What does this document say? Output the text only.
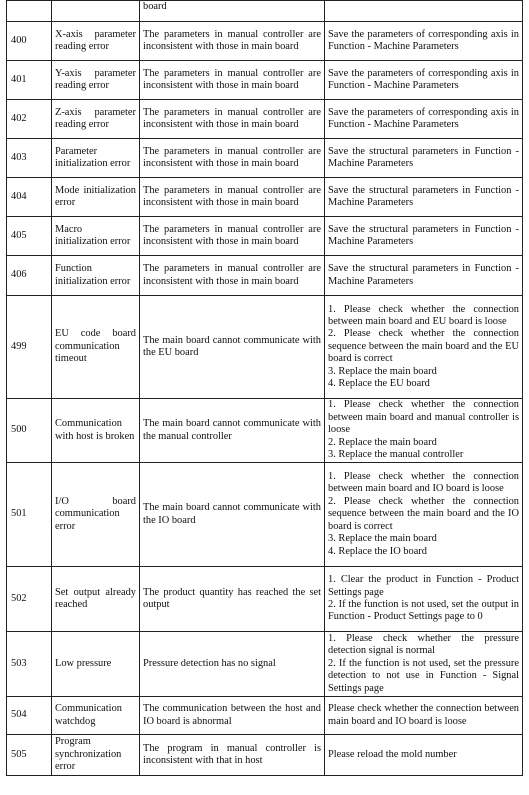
		board	

400	X-axis parameter reading error	The parameters in manual controller are inconsistent with those in main board	Save the parameters of corresponding axis in Function - Machine Parameters

401	Y-axis parameter reading error	The parameters in manual controller are inconsistent with those in main board	Save the parameters of corresponding axis in Function - Machine Parameters

402	Z-axis parameter reading error	The parameters in manual controller are inconsistent with those in main board	Save the parameters of corresponding axis in Function - Machine Parameters

403	Parameter initialization error	The parameters in manual controller are inconsistent with those in main board	Save the structural parameters in Function - Machine Parameters

404	Mode initialization error	The parameters in manual controller are inconsistent with those in main board	Save the structural parameters in Function - Machine Parameters

405	Macro initialization error	The parameters in manual controller are inconsistent with those in main board	Save the structural parameters in Function - Machine Parameters

406	Function initialization error	The parameters in manual controller are inconsistent with those in main board	Save the structural parameters in Function - Machine Parameters

499	EU code board communication timeout	The main board cannot communicate with the EU board	1. Please check whether the connection between main board and EU board is loose
2. Please check whether the connection sequence between the main board and the EU board is correct
3. Replace the main board
4. Replace the EU board

500	Communication with host is broken	The main board cannot communicate with the manual controller	1. Please check whether the connection between main board and manual controller is loose
2. Replace the main board
3. Replace the manual controller

501	I/O board communication error	The main board cannot communicate with the IO board	1. Please check whether the connection between main board and IO board is loose
2. Please check whether the connection sequence between the main board and the IO board is correct
3. Replace the main board
4. Replace the IO board

502	Set output already reached	The product quantity has reached the set output	1. Clear the product in Function - Product Settings page
2. If the function is not used, set the output in Function - Product Settings page to 0

503	Low pressure	Pressure detection has no signal	1. Please check whether the pressure detection signal is normal
2. If the function is not used, set the pressure detection to not use in Function - Signal Settings page

504	Communication watchdog	The communication between the host and IO board is abnormal	Please check whether the connection between main board and IO board is loose

505	Program synchronization error	The program in manual controller is inconsistent with that in host	Please reload the mold number
